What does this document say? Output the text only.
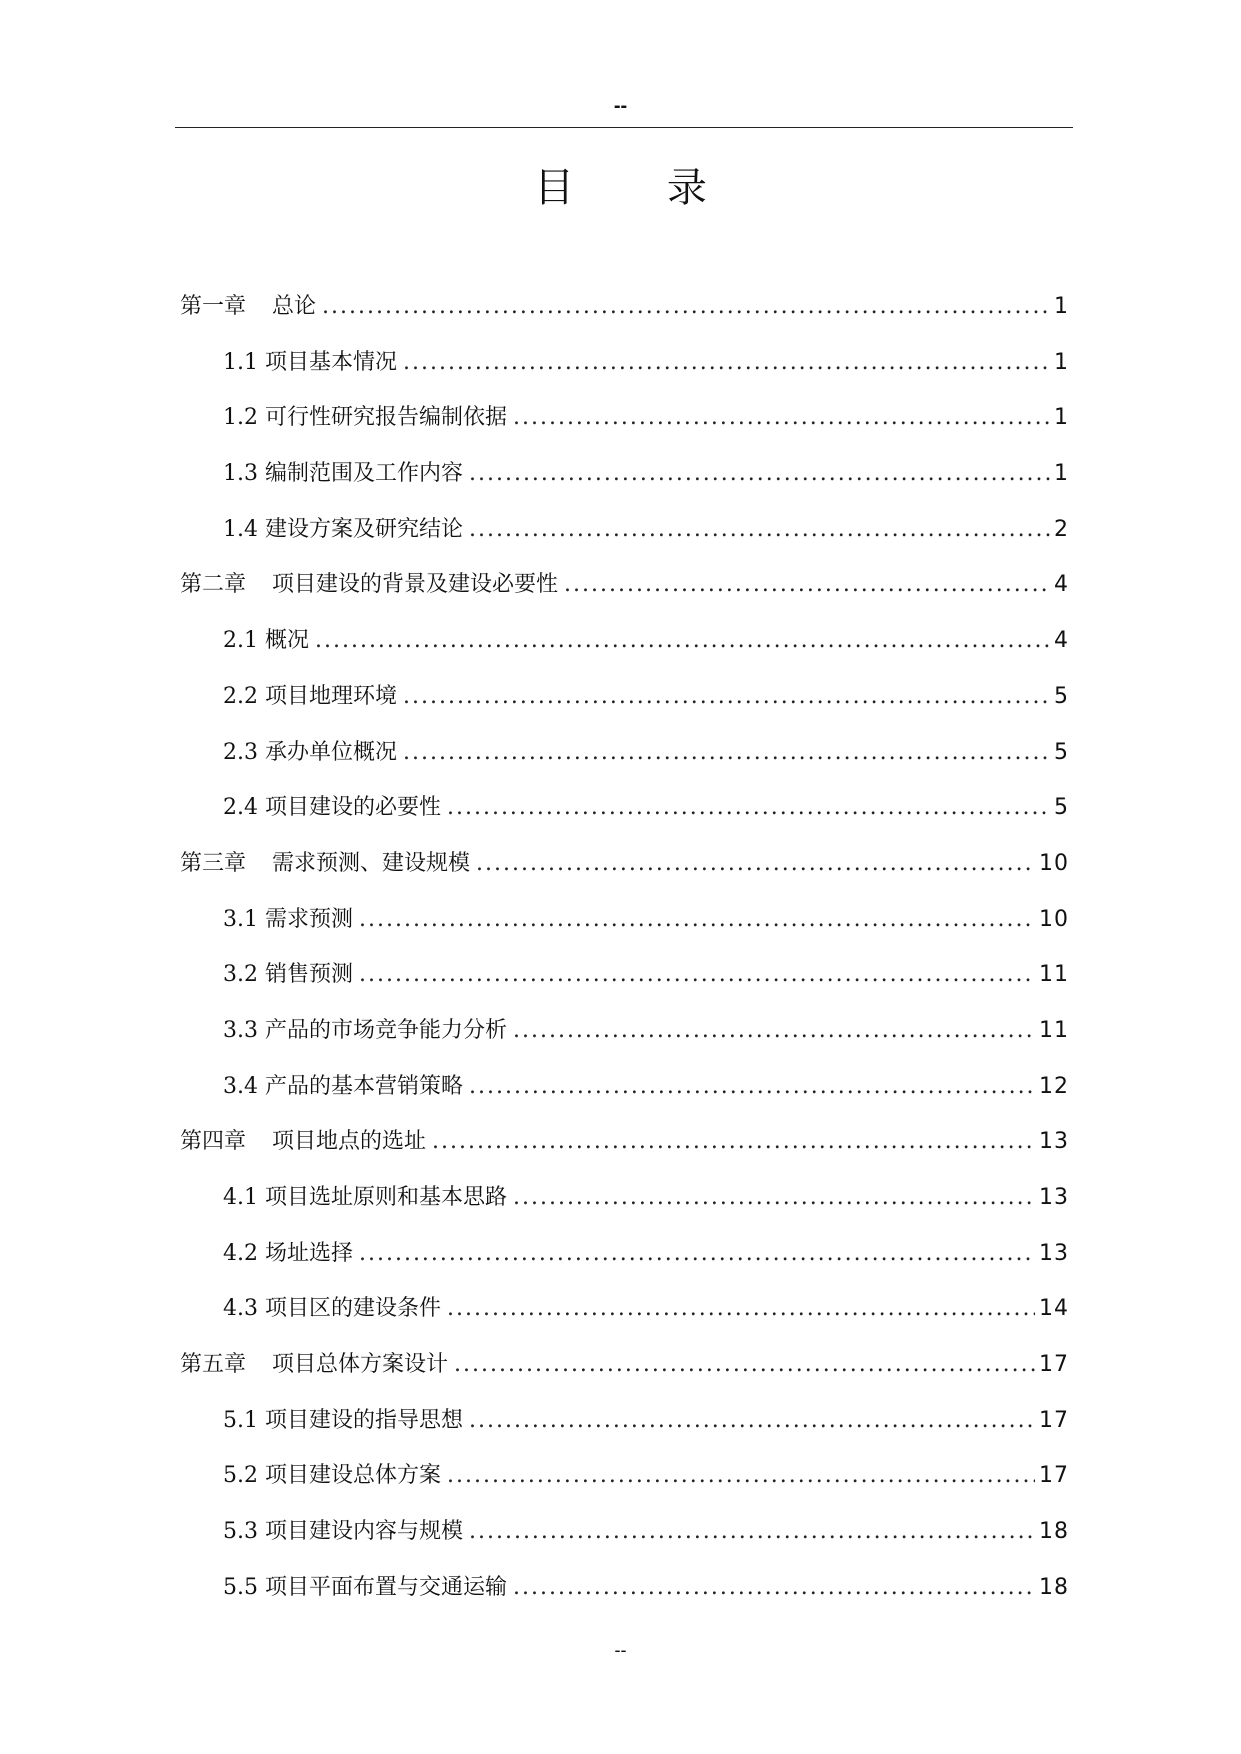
--
目 录
第一章 总论 .....	1
1.1 项目基本情况 .....	1
1.2 可行性研究报告编制依据 .....	1
1.3 编制范围及工作内容 .....	1
1.4 建设方案及研究结论 .....	2
第二章 项目建设的背景及建设必要性 .....	4
2.1 概况 .....	4
2.2 项目地理环境 .....	5
2.3 承办单位概况 .....	5
2.4 项目建设的必要性 .....	5
第三章 需求预测、建设规模 .....	10
3.1 需求预测 .....	10
3.2 销售预测 .....	11
3.3 产品的市场竞争能力分析 .....	11
3.4 产品的基本营销策略 .....	12
第四章 项目地点的选址 .....	13
4.1 项目选址原则和基本思路 .....	13
4.2 场址选择 .....	13
4.3 项目区的建设条件 .....	14
第五章 项目总体方案设计 .....	17
5.1 项目建设的指导思想 .....	17
5.2 项目建设总体方案 .....	17
5.3 项目建设内容与规模 .....	18
5.5 项目平面布置与交通运输 .....	18
--
